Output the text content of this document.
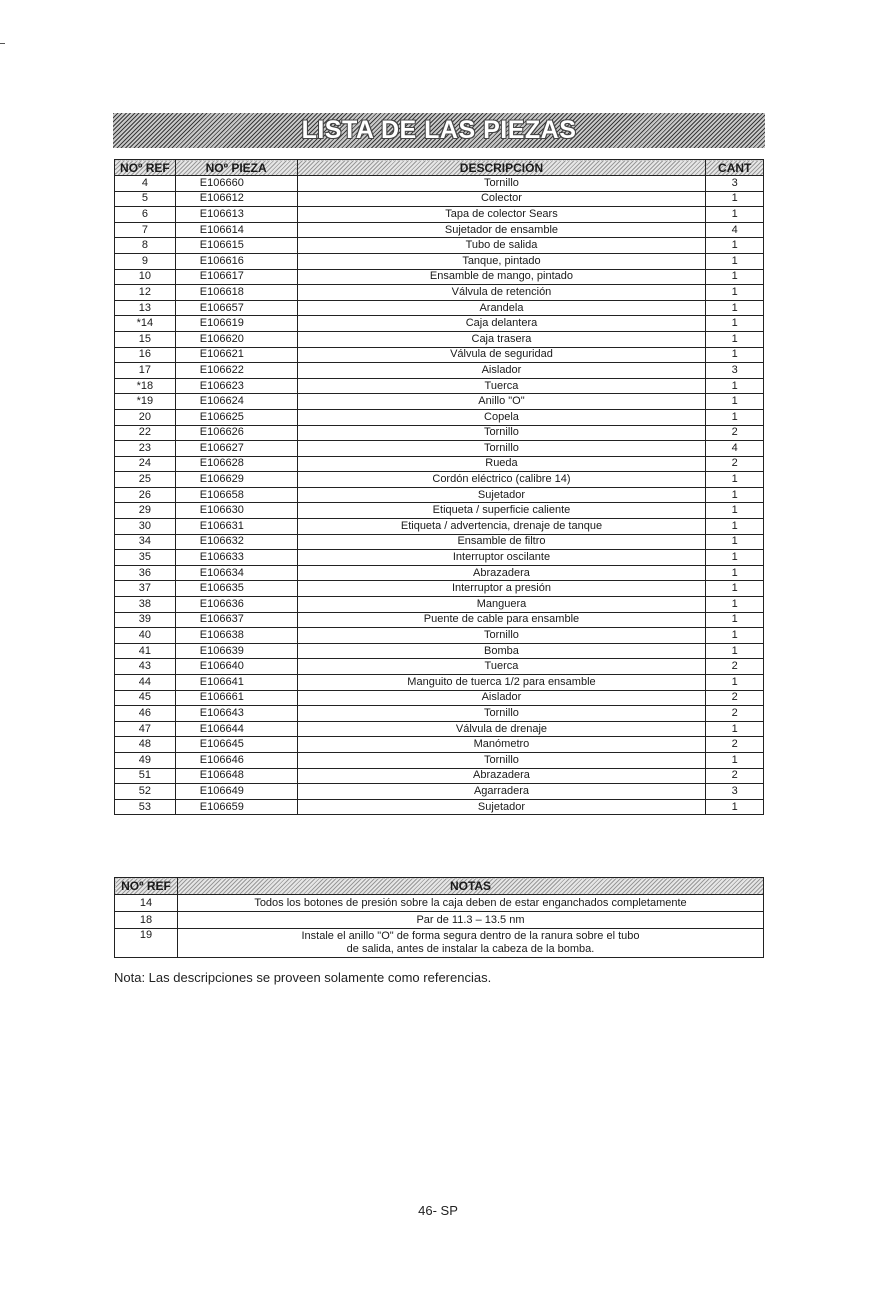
LISTA DE LAS PIEZAS
NOº REF	NOº PIEZA	DESCRIPCIÓN	CANT
4	E106660	Tornillo	3
5	E106612	Colector	1
6	E106613	Tapa de colector Sears	1
7	E106614	Sujetador de ensamble	4
8	E106615	Tubo de salida	1
9	E106616	Tanque, pintado	1
10	E106617	Ensamble de mango, pintado	1
12	E106618	Válvula de retención	1
13	E106657	Arandela	1
*14	E106619	Caja delantera	1
15	E106620	Caja trasera	1
16	E106621	Válvula de seguridad	1
17	E106622	Aislador	3
*18	E106623	Tuerca	1
*19	E106624	Anillo "O"	1
20	E106625	Copela	1
22	E106626	Tornillo	2
23	E106627	Tornillo	4
24	E106628	Rueda	2
25	E106629	Cordón eléctrico (calibre 14)	1
26	E106658	Sujetador	1
29	E106630	Etiqueta / superficie caliente	1
30	E106631	Etiqueta / advertencia, drenaje de tanque	1
34	E106632	Ensamble de filtro	1
35	E106633	Interruptor oscilante	1
36	E106634	Abrazadera	1
37	E106635	Interruptor a presión	1
38	E106636	Manguera	1
39	E106637	Puente de cable para ensamble	1
40	E106638	Tornillo	1
41	E106639	Bomba	1
43	E106640	Tuerca	2
44	E106641	Manguito de tuerca 1/2 para ensamble	1
45	E106661	Aislador	2
46	E106643	Tornillo	2
47	E106644	Válvula de drenaje	1
48	E106645	Manómetro	2
49	E106646	Tornillo	1
51	E106648	Abrazadera	2
52	E106649	Agarradera	3
53	E106659	Sujetador	1
NOº REF	NOTAS
14	Todos los botones de presión sobre la caja deben de estar enganchados completamente
18	Par de 11.3 – 13.5 nm
19	Instale el anillo "O" de forma segura dentro de la ranura sobre el tubo
de salida, antes de instalar la cabeza de la bomba.
Nota: Las descripciones se proveen solamente como referencias.
46- SP
